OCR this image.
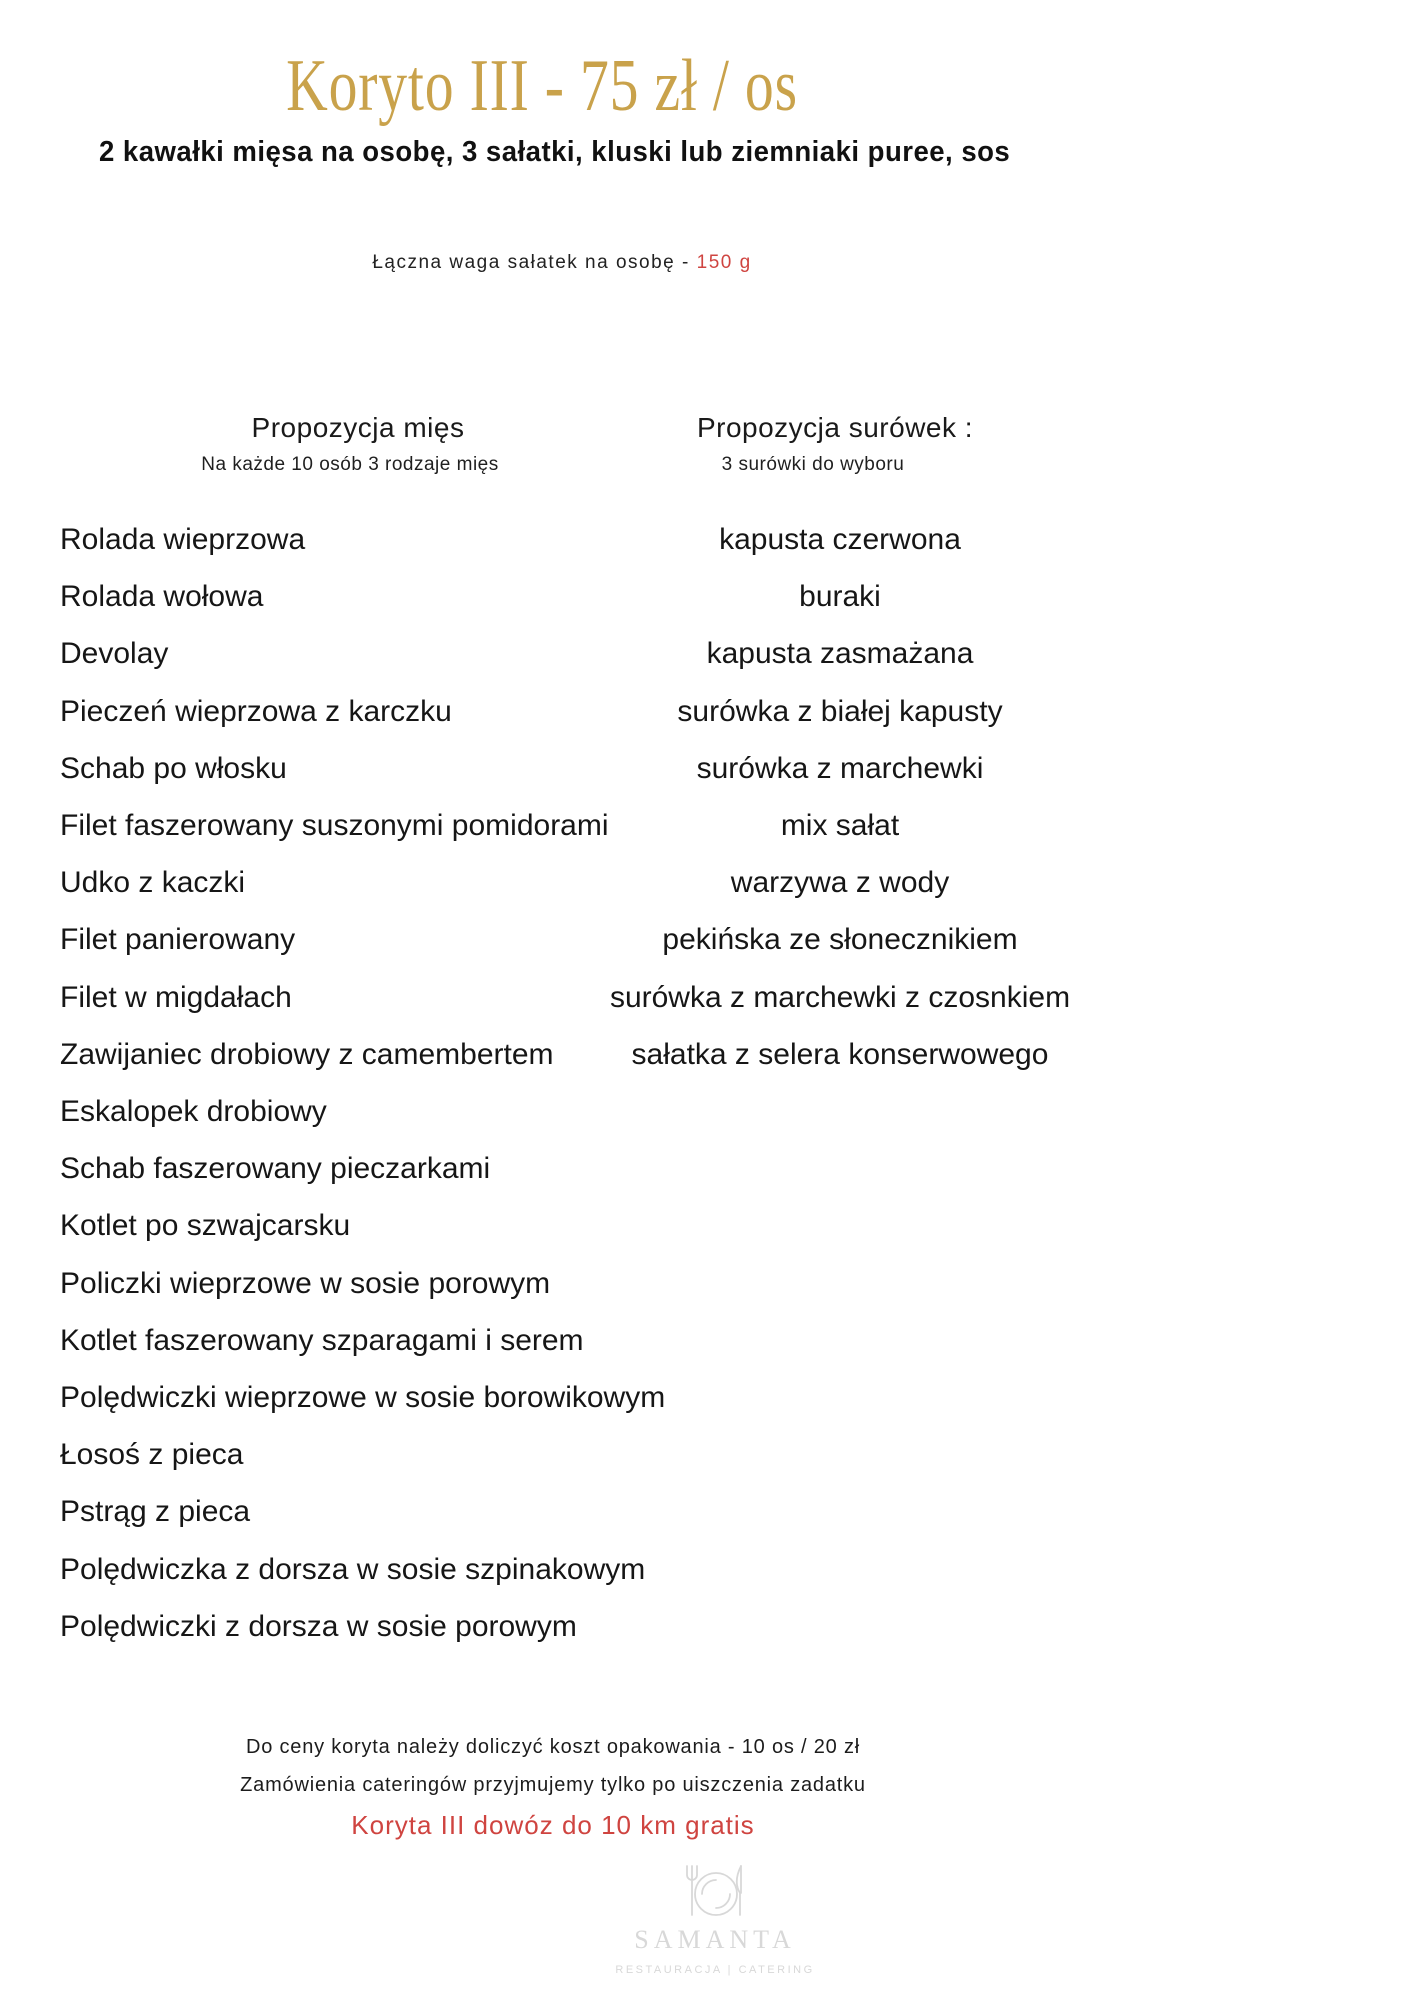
Koryto III - 75 zł / os
2 kawałki mięsa na osobę, 3 sałatki, kluski lub ziemniaki puree, sos
Łączna waga sałatek na osobę - 150 g
Propozycja mięs
Na każde 10 osób 3 rodzaje mięs
Propozycja surówek :
3 surówki do wyboru
Rolada wieprzowa
Rolada wołowa
Devolay
Pieczeń wieprzowa z karczku
Schab po włosku
Filet faszerowany suszonymi pomidorami
Udko z kaczki
Filet panierowany
Filet w migdałach
Zawijaniec drobiowy z camembertem
Eskalopek drobiowy
Schab faszerowany pieczarkami
Kotlet po szwajcarsku
Policzki wieprzowe w sosie porowym
Kotlet faszerowany szparagami i serem
Polędwiczki wieprzowe w sosie borowikowym
Łosoś z pieca
Pstrąg z pieca
Polędwiczka z dorsza w sosie szpinakowym
Polędwiczki z dorsza w sosie porowym
kapusta czerwona
buraki
kapusta zasmażana
surówka z białej kapusty
surówka z marchewki
mix sałat
warzywa z wody
pekińska ze słonecznikiem
surówka z marchewki z czosnkiem
sałatka z selera konserwowego
Do ceny koryta należy doliczyć koszt opakowania - 10 os / 20 zł
Zamówienia cateringów przyjmujemy tylko po uiszczenia zadatku
Koryta III dowóz do 10 km gratis
SAMANTA
RESTAURACJA | CATERING
